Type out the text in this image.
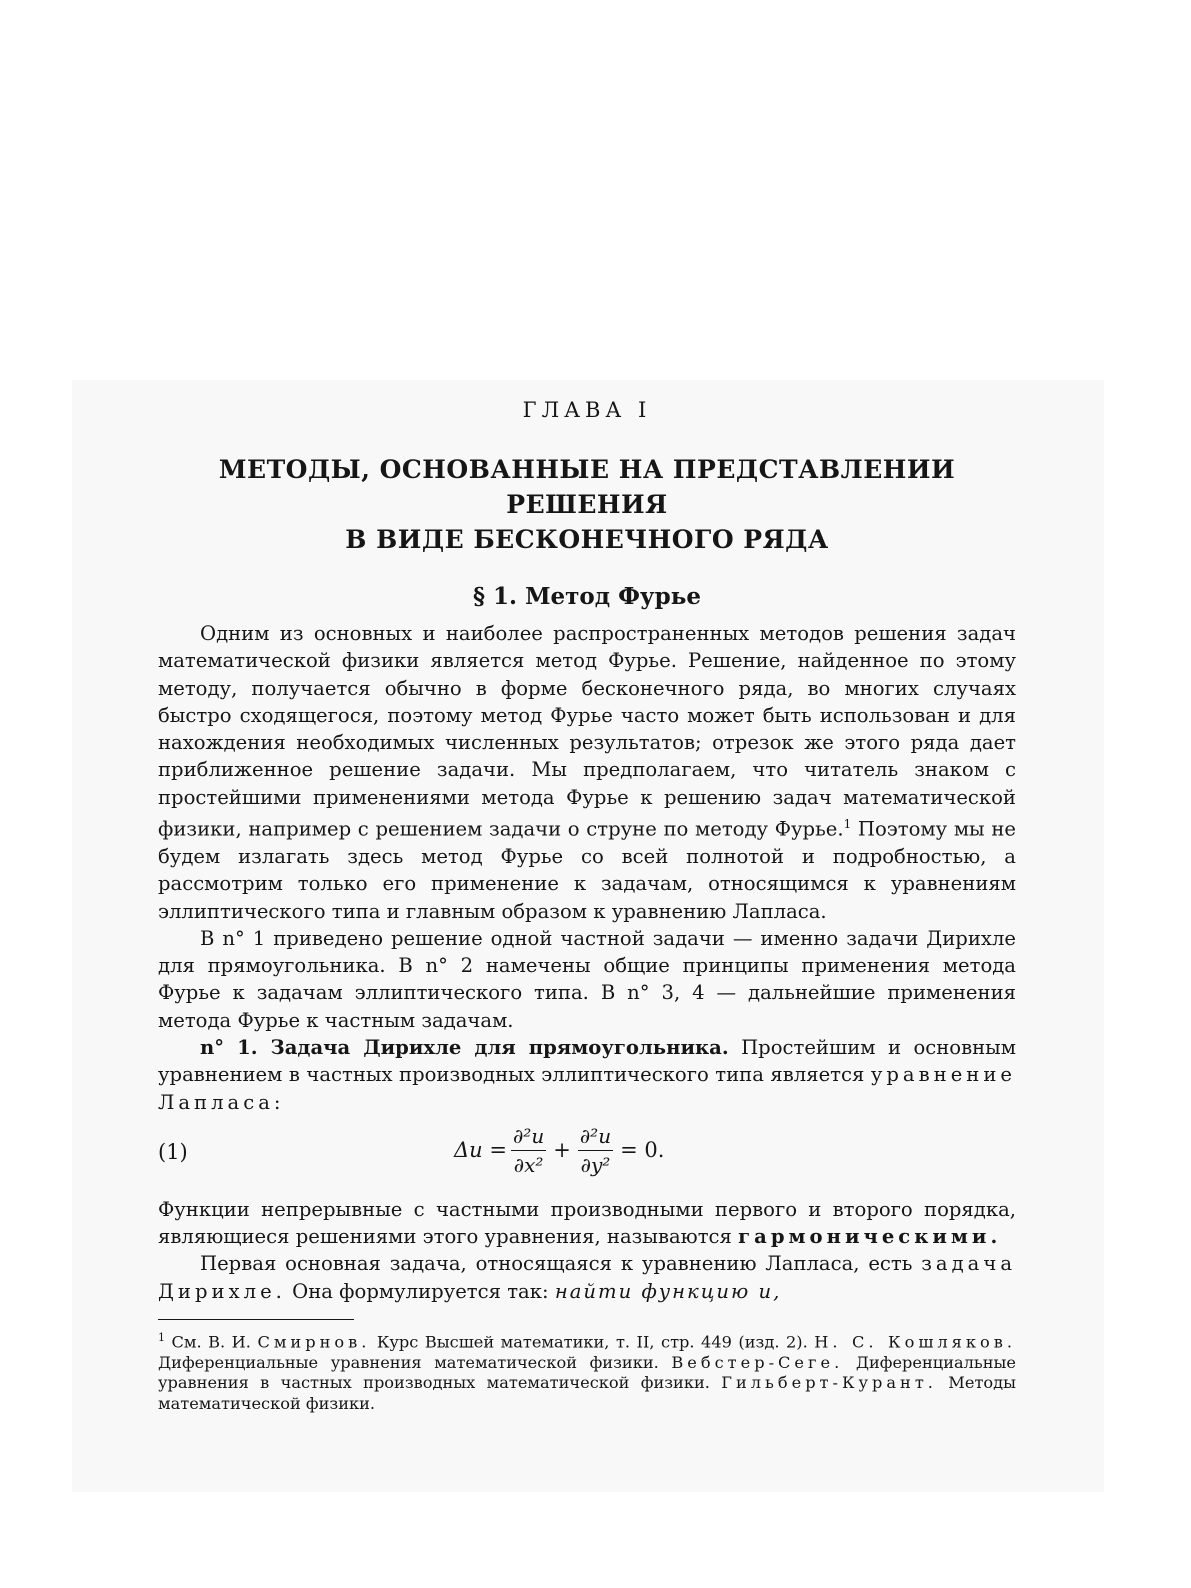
ГЛАВА I
МЕТОДЫ, ОСНОВАННЫЕ НА ПРЕДСТАВЛЕНИИ РЕШЕНИЯ
В ВИДЕ БЕСКОНЕЧНОГО РЯДА
§ 1. Метод Фурье

Одним из основных и наиболее распространенных методов решения задач математической физики является метод Фурье. Решение, найденное по этому методу, получается обычно в форме бесконечного ряда, во многих случаях быстро сходящегося, поэтому метод Фурье часто может быть использован и для нахождения необходимых численных результатов; отрезок же этого ряда дает приближенное решение задачи. Мы предполагаем, что читатель знаком с простейшими применениями метода Фурье к решению задач математической физики, например с решением задачи о струне по методу Фурье.$^1$ Поэтому мы не будем излагать здесь метод Фурье со всей полнотой и подробностью, а рассмотрим только его применение к задачам, относящимся к уравнениям эллиптического типа и главным образом к уравнению Лапласа.

В n° 1 приведено решение одной частной задачи — именно задачи Дирихле для прямоугольника. В n° 2 намечены общие принципы применения метода Фурье к задачам эллиптического типа. В n° 3, 4 — дальнейшие применения метода Фурье к частным задачам.

n° 1. Задача Дирихле для прямоугольника. Простейшим и основным уравнением в частных производных эллиптического типа является уравнение Лапласа:

(1)	$\Delta u = \frac{\text{∂²u}}{\text{∂x²}} + \frac{\text{∂²u}}{\text{∂y²}} = 0$.

Функции непрерывные с частными производными первого и второго порядка, являющиеся решениями этого уравнения, называются гармоническими.

Первая основная задача, относящаяся к уравнению Лапласа, есть задача Дирихле. Она формулируется так: найти функцию u,

$^1$ См. В. И. Смирнов. Курс Высшей математики, т. II, стр. 449 (изд. 2). Н. С. Кошляков. Диференциальные уравнения математической физики. Вебстер-Сеге. Диференциальные уравнения в частных производных математической физики. Гильберт-Курант. Методы математической физики.
